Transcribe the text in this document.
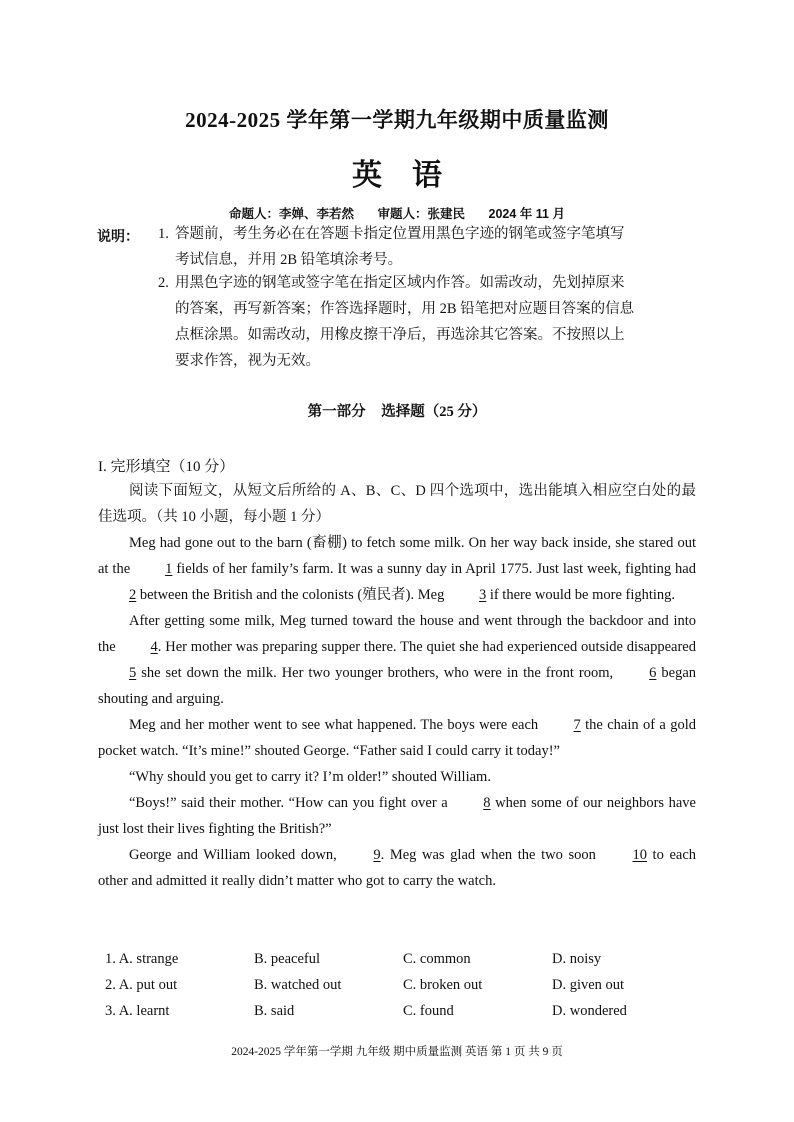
2024-2025 学年第一学期九年级期中质量监测
英语
命题人：李婵、李若然 审题人：张建民 2024 年 11 月
说明： 1. 答题前，考生务必在在答题卡指定位置用黑色字迹的钢笔或签字笔填写
考试信息，并用 2B 铅笔填涂考号。
2. 用黑色字迹的钢笔或签字笔在指定区域内作答。如需改动，先划掉原来
的答案，再写新答案；作答选择题时，用 2B 铅笔把对应题目答案的信息
点框涂黑。如需改动，用橡皮擦干净后，再选涂其它答案。不按照以上
要求作答，视为无效。
第一部分 选择题（25 分）
I. 完形填空（10 分）

阅读下面短文，从短文后所给的 A、B、C、D 四个选项中，选出能填入相应空白处的最佳选项。（共 10 小题，每小题 1 分）

Meg had gone out to the barn (畜棚) to fetch some milk. On her way back inside, she stared out at the 1 fields of her family’s farm. It was a sunny day in April 1775. Just last week, fighting had 2 between the British and the colonists (殖民者). Meg 3 if there would be more fighting.

After getting some milk, Meg turned toward the house and went through the backdoor and into the 4. Her mother was preparing supper there. The quiet she had experienced outside disappeared 5 she set down the milk. Her two younger brothers, who were in the front room, 6 began shouting and arguing.

Meg and her mother went to see what happened. The boys were each 7 the chain of a gold pocket watch. “It’s mine!” shouted George. “Father said I could carry it today!”

“Why should you get to carry it? I’m older!” shouted William.

“Boys!” said their mother. “How can you fight over a 8 when some of our neighbors have just lost their lives fighting the British?”

George and William looked down, 9. Meg was glad when the two soon 10 to each other and admitted it really didn’t matter who got to carry the watch.

1. A. strange	B. peaceful	C. common	D. noisy
2. A. put out	B. watched out	C. broken out	D. given out
3. A. learnt	B. said	C. found	D. wondered
2024-2025 学年第一学期 九年级 期中质量监测 英语 第 1 页 共 9 页
